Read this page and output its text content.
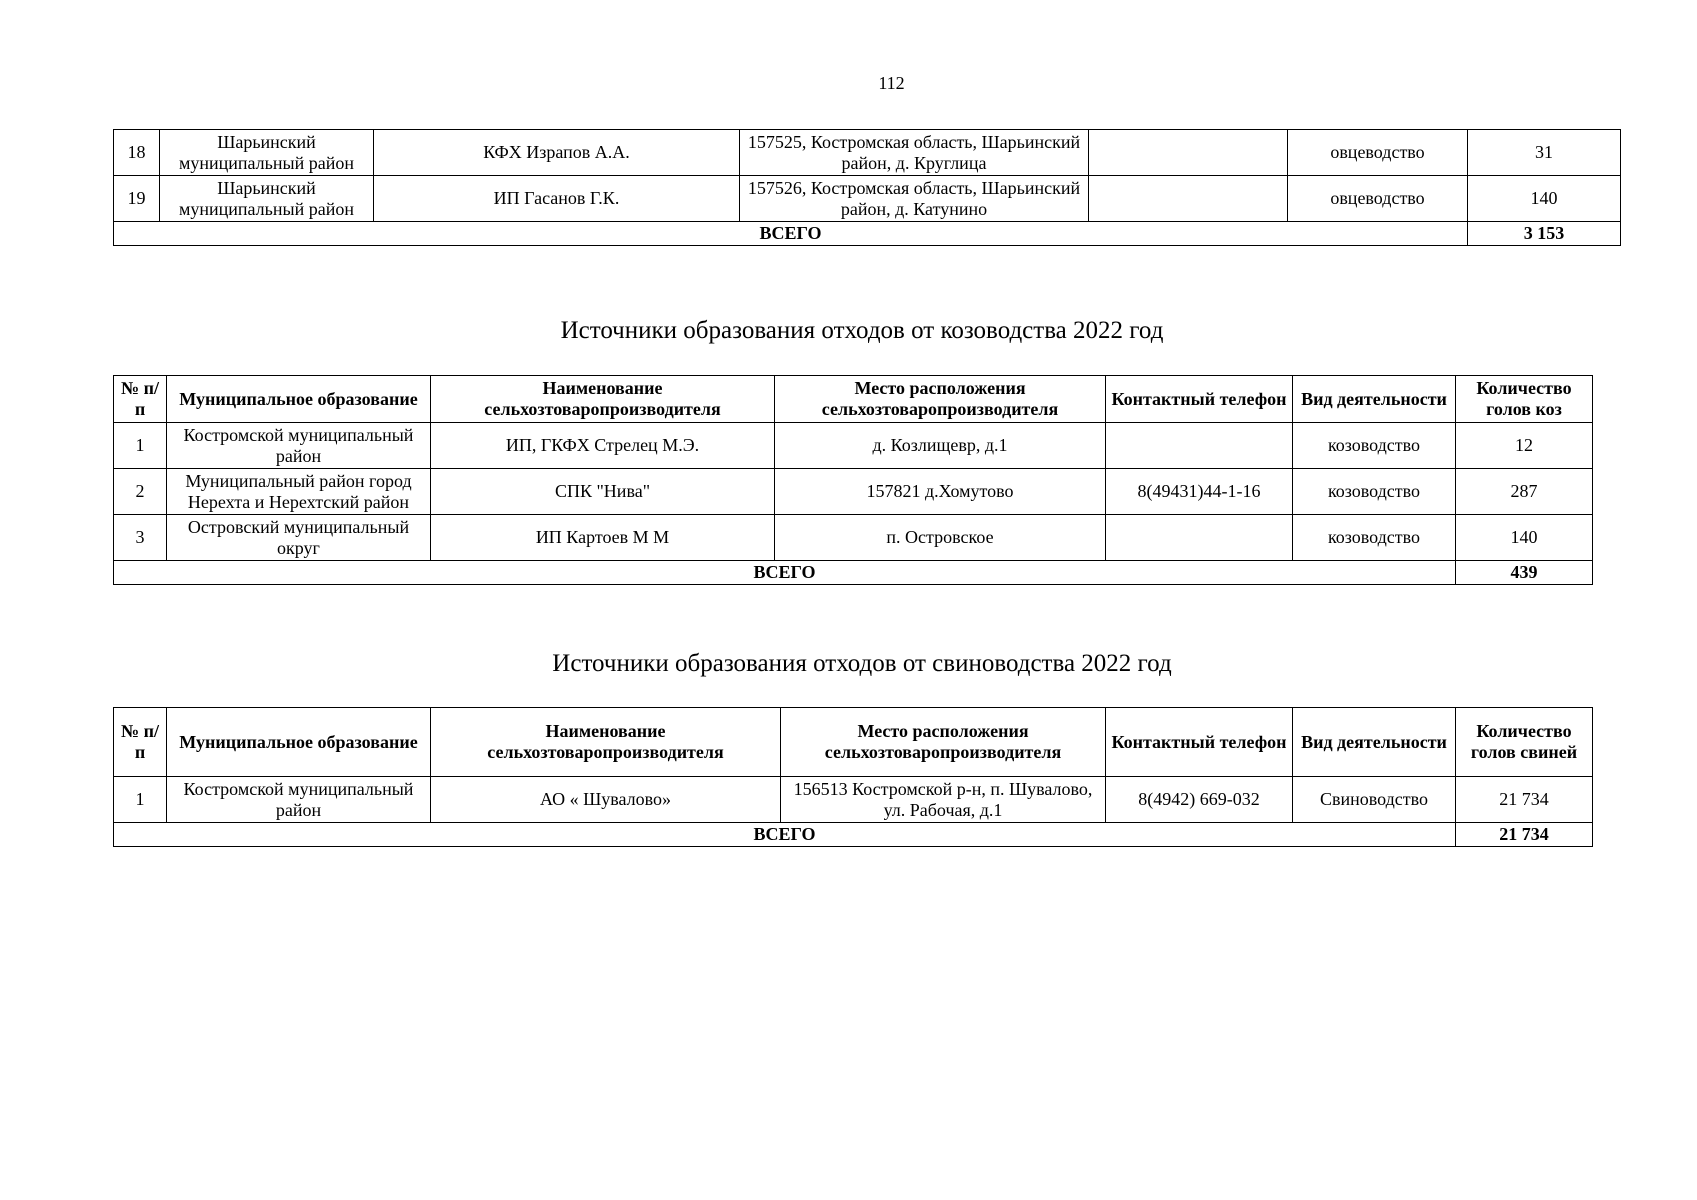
112
18	Шарьинский муниципальный район	КФХ Израпов А.А.	157525, Костромская область, Шарьинский район, д. Круглица		овцеводство	31
19	Шарьинский муниципальный район	ИП Гасанов Г.К.	157526, Костромская область, Шарьинский район, д. Катунино		овцеводство	140
ВСЕГО						3 153
Источники образования отходов от козоводства 2022 год
№ п/п	Муниципальное образование	Наименование сельхозтоваропроизводителя	Место расположения сельхозтоваропроизводителя	Контактный телефон	Вид деятельности	Количество голов коз
1	Костромской муниципальный район	ИП, ГКФХ Стрелец М.Э.	д. Козлищевр, д.1		козоводство	12
2	Муниципальный район город Нерехта и Нерехтский район	СПК "Нива"	157821 д.Хомутово	8(49431)44-1-16	козоводство	287
3	Островский муниципальный округ	ИП Картоев М М	п. Островское		козоводство	140
ВСЕГО						439
Источники образования отходов от свиноводства 2022 год
№ п/п	Муниципальное образование	Наименование сельхозтоваропроизводителя	Место расположения сельхозтоваропроизводителя	Контактный телефон	Вид деятельности	Количество голов свиней
1	Костромской муниципальный район	АО « Шувалово»	156513 Костромской р-н, п. Шувалово, ул. Рабочая, д.1	8(4942) 669-032	Свиноводство	21 734
ВСЕГО						21 734
